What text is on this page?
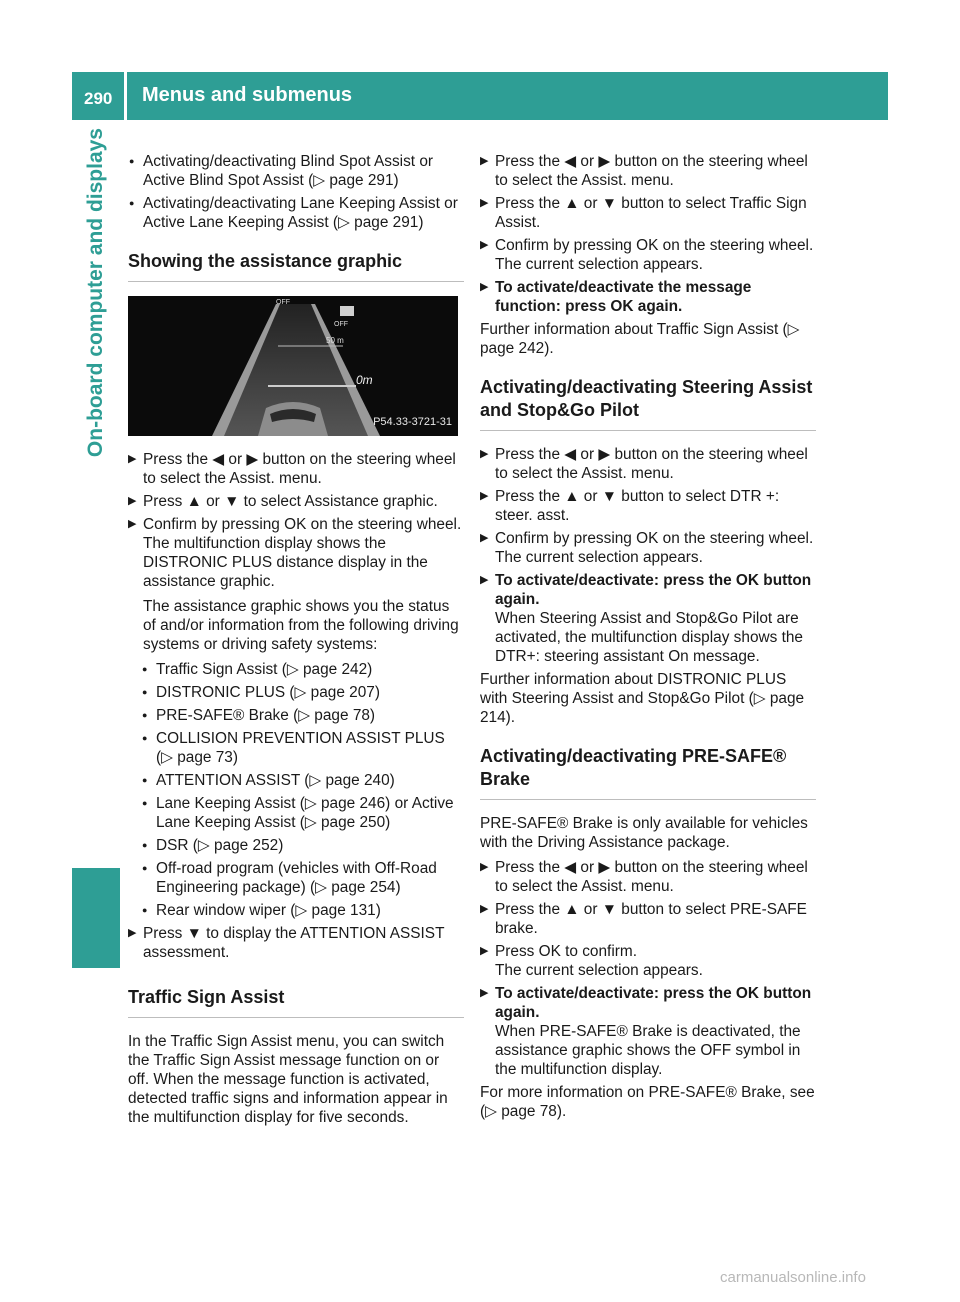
290 Menus and submenus
On-board computer and displays
●	Activating/deactivating Blind Spot Assist or Active Blind Spot Assist (▷ page 291)
● Activating/deactivating Lane Keeping Assist or Active Lane Keeping Assist (▷ page 291)
Showing the assistance graphic
OFF
OFF
50 m
0m
P54.33-3721-31
▶ Press the ◀ or ▶ button on the steering wheel to select the Assist. menu.
▶ Press ▲ or ▼ to select Assistance graphic.
▶ Confirm by pressing OK on the steering wheel.
The multifunction display shows the DISTRONIC PLUS distance display in the assistance graphic.

The assistance graphic shows you the status of and/or information from the following driving systems or driving safety systems:

● Traffic Sign Assist (▷ page 242)
● DISTRONIC PLUS (▷ page 207)
● PRE-SAFE® Brake (▷ page 78)
● COLLISION PREVENTION ASSIST PLUS (▷ page 73)
● ATTENTION ASSIST (▷ page 240)
● Lane Keeping Assist (▷ page 246) or Active Lane Keeping Assist (▷ page 250)
● DSR (▷ page 252)
● Off-road program (vehicles with Off-Road Engineering package) (▷ page 254)
● Rear window wiper (▷ page 131)
▶ Press ▼ to display the ATTENTION ASSIST assessment.
Traffic Sign Assist

In the Traffic Sign Assist menu, you can switch the Traffic Sign Assist message function on or off. When the message function is activated, detected traffic signs and information appear in the multifunction display for five seconds.

▶ Press the ◀ or ▶ button on the steering wheel to select the Assist. menu.
▶ Press the ▲ or ▼ button to select Traffic Sign Assist.
▶ Confirm by pressing OK on the steering wheel.
The current selection appears.
▶ To activate/deactivate the message function: press OK again.

Further information about Traffic Sign Assist (▷ page 242).

Activating/deactivating Steering Assist and Stop&Go Pilot
▶ Press the ◀ or ▶ button on the steering wheel to select the Assist. menu.
▶ Press the ▲ or ▼ button to select DTR +: steer. asst.
▶ Confirm by pressing OK on the steering wheel.
The current selection appears.
▶ To activate/deactivate: press the OK button again.
When Steering Assist and Stop&Go Pilot are activated, the multifunction display shows the DTR+: steering assistant On message.

Further information about DISTRONIC PLUS with Steering Assist and Stop&Go Pilot (▷ page 214).

Activating/deactivating PRE-SAFE® Brake

PRE-SAFE® Brake is only available for vehicles with the Driving Assistance package.

▶ Press the ◀ or ▶ button on the steering wheel to select the Assist. menu.
▶ Press the ▲ or ▼ button to select PRE-SAFE brake.
▶ Press OK to confirm.
The current selection appears.
▶ To activate/deactivate: press the OK button again.
When PRE-SAFE® Brake is deactivated, the assistance graphic shows the OFF symbol in the multifunction display.

For more information on PRE-SAFE® Brake, see (▷ page 78).

carmanualsonline.info
